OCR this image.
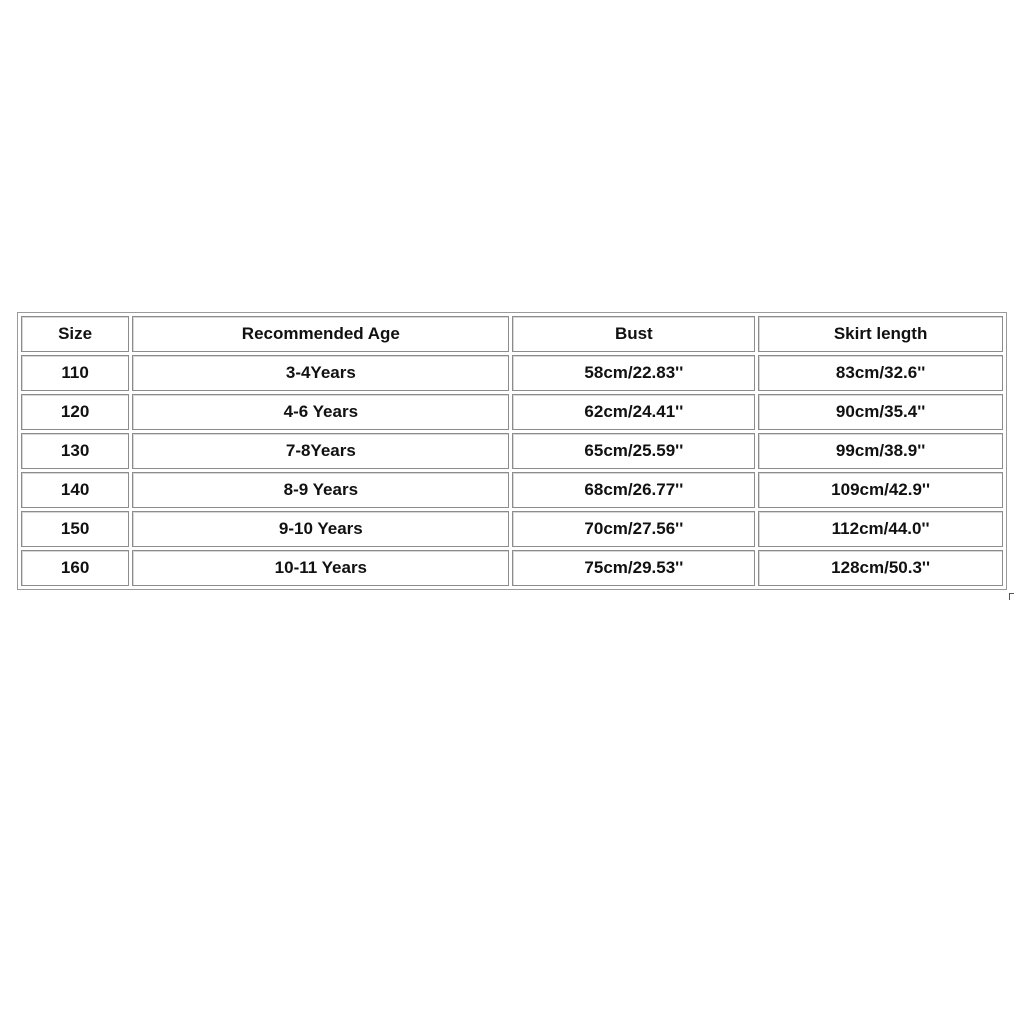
Size	Recommended Age	Bust	Skirt length
110	3-4Years	58cm/22.83''	83cm/32.6''
120	4-6 Years	62cm/24.41''	90cm/35.4''
130	7-8Years	65cm/25.59''	99cm/38.9''
140	8-9 Years	68cm/26.77''	109cm/42.9''
150	9-10 Years	70cm/27.56''	112cm/44.0''
160	10-11 Years	75cm/29.53''	128cm/50.3''
